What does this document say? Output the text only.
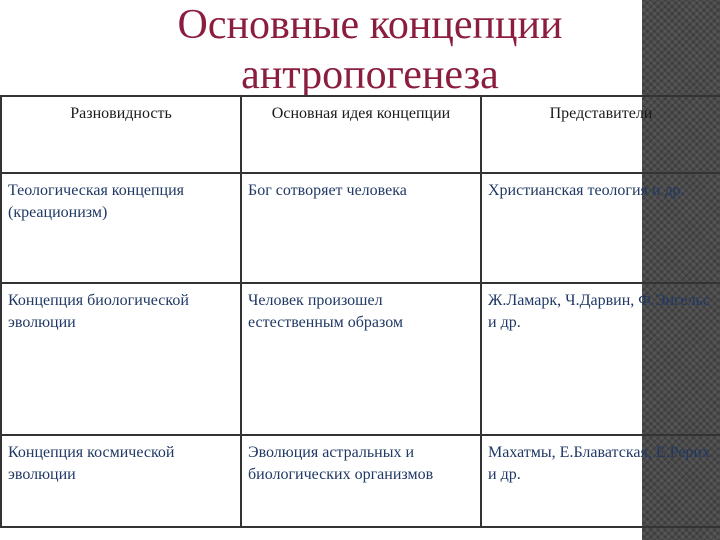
Основные концепции антропогенеза
Разновидность	Основная идея концепции	Представители
Теологическая концепция (креационизм)	Бог сотворяет человека	Христианская теология и др.
Концепция биологической эволюции	Человек произошел естественным образом	Ж.Ламарк, Ч.Дарвин, Ф.Энгельс и др.
Концепция космической эволюции	Эволюция астральных и биологических организмов	Махатмы, Е.Блаватская, Е.Рерих и др.
